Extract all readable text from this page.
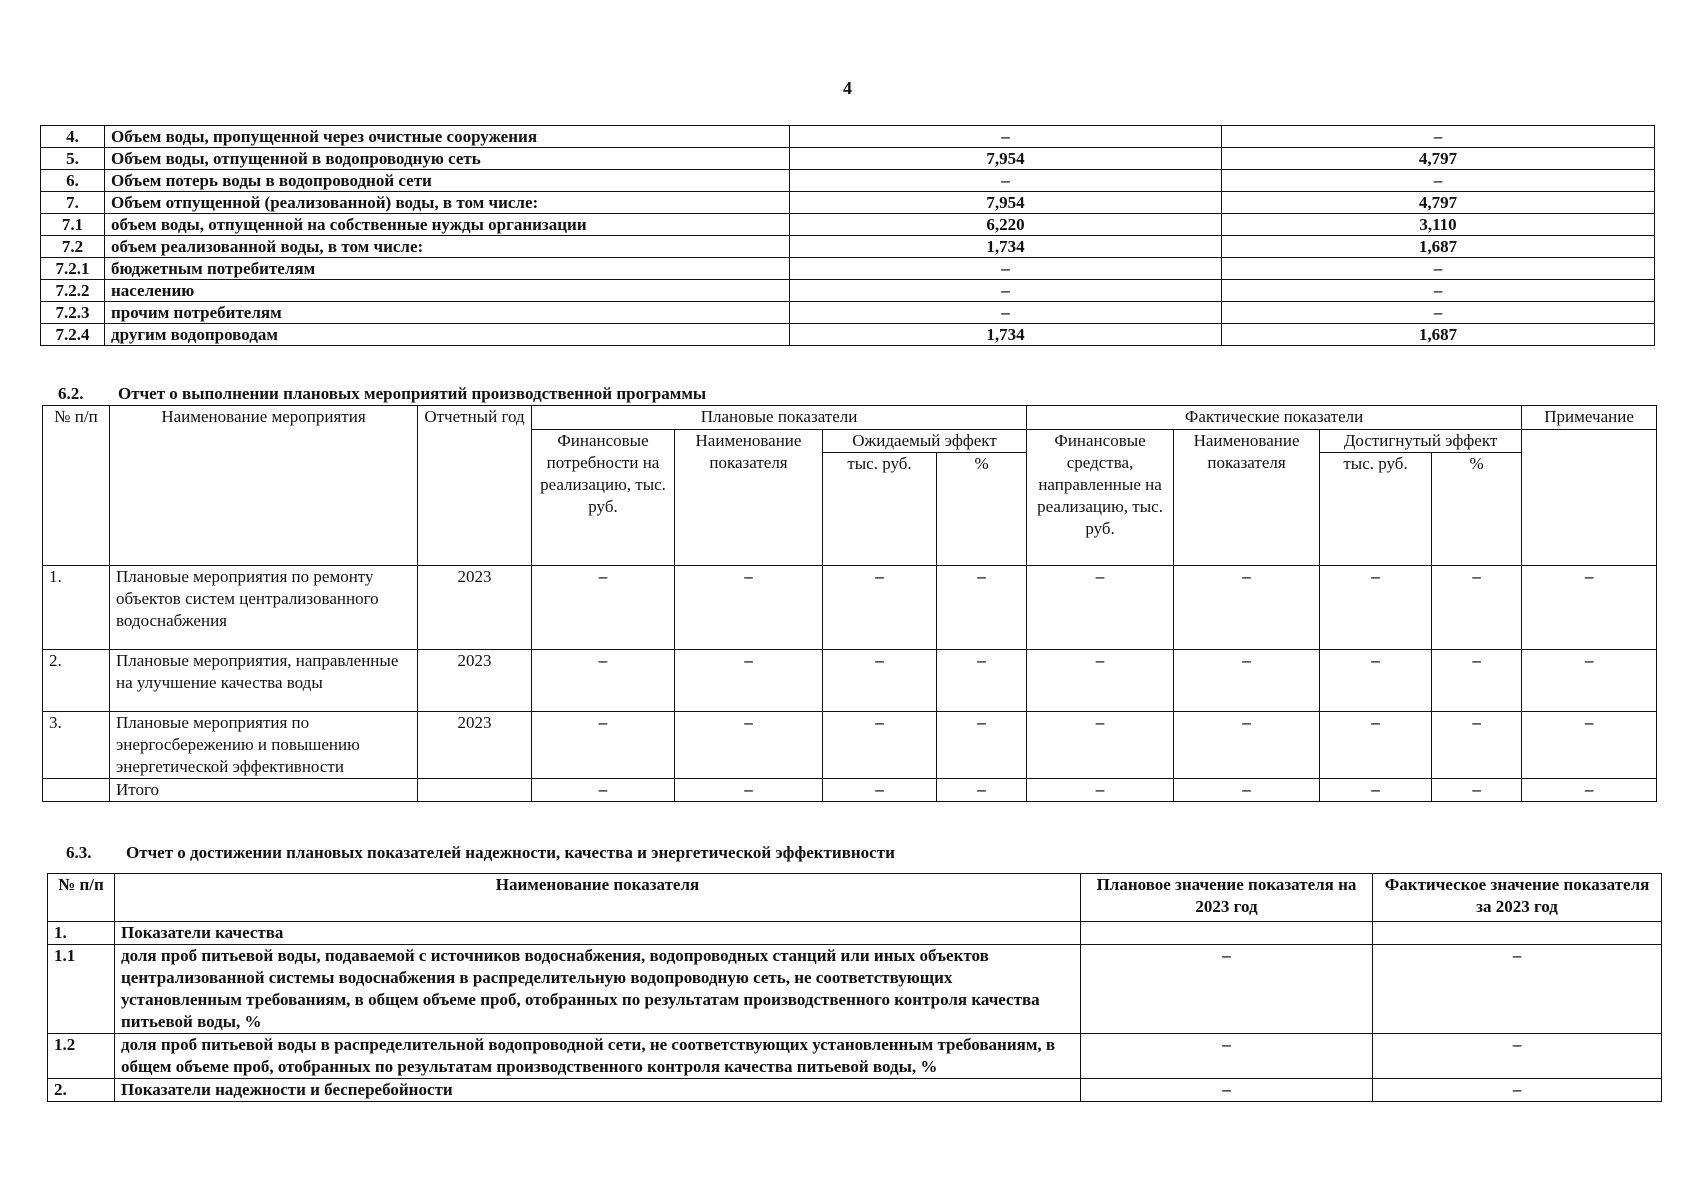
4
4.	Объем воды, пропущенной через очистные сооружения	–	–
5.	Объем воды, отпущенной в водопроводную сеть	7,954	4,797
6.	Объем потерь воды в водопроводной сети	–	–
7.	Объем отпущенной (реализованной) воды, в том числе:	7,954	4,797
7.1	объем воды, отпущенной на собственные нужды организации	6,220	3,110
7.2	объем реализованной воды, в том числе:	1,734	1,687
7.2.1	бюджетным потребителям	–	–
7.2.2	населению	–	–
7.2.3	прочим потребителям	–	–
7.2.4	другим водопроводам	1,734	1,687
6.2. Отчет о выполнении плановых мероприятий производственной программы
№ п/п	Наименование мероприятия	Отчетный год	Плановые показатели				Фактические показатели				Примечание
			Финансовые потребности на реализацию, тыс. руб.	Наименование показателя	Ожидаемый эффект		Финансовые средства, направленные на реализацию, тыс. руб.	Наименование показателя	Достигнутый эффект		
					тыс. руб.	%			тыс. руб.	%	
1.	Плановые мероприятия по ремонту объектов систем централизованного водоснабжения	2023	–	–	–	–	–	–	–	–	–
2.	Плановые мероприятия, направленные на улучшение качества воды	2023	–	–	–	–	–	–	–	–	–
3.	Плановые мероприятия по энергосбережению и повышению энергетической эффективности	2023	–	–	–	–	–	–	–	–	–
	Итого		–	–	–	–	–	–	–	–	–
6.3. Отчет о достижении плановых показателей надежности, качества и энергетической эффективности
№ п/п	Наименование показателя	Плановое значение показателя на 2023 год	Фактическое значение показателя за 2023 год
1.	Показатели качества		
1.1	доля проб питьевой воды, подаваемой с источников водоснабжения, водопроводных станций или иных объектов централизованной системы водоснабжения в распределительную водопроводную сеть, не соответствующих установленным требованиям, в общем объеме проб, отобранных по результатам производственного контроля качества питьевой воды, %	–	–
1.2	доля проб питьевой воды в распределительной водопроводной сети, не соответствующих установленным требованиям, в общем объеме проб, отобранных по результатам производственного контроля качества питьевой воды, %	–	–
2.	Показатели надежности и бесперебойности	–	–
